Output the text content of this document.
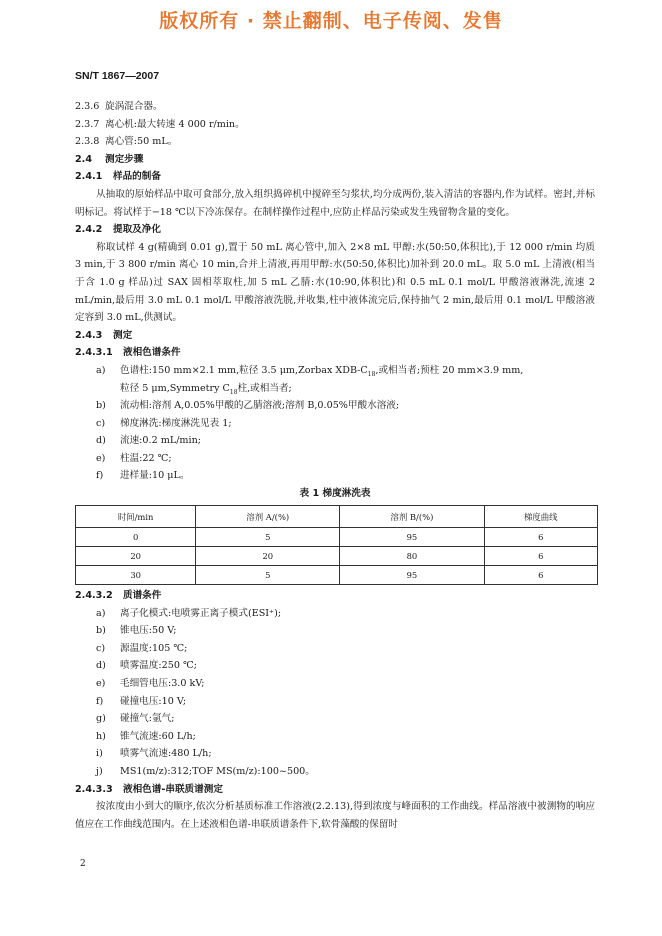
版权所有 · 禁止翻制、电子传阅、发售
SN/T 1867—2007
2.3.6 旋涡混合器。
2.3.7 离心机:最大转速 4 000 r/min。
2.3.8 离心管:50 mL。
2.4 测定步骤
2.4.1 样品的制备
从抽取的原始样品中取可食部分,放入组织捣碎机中搅碎至匀浆状,均分成两份,装入清洁的容器内,作为试样。密封,并标明标记。将试样于−18 ℃以下冷冻保存。在制样操作过程中,应防止样品污染或发生残留物含量的变化。
2.4.2 提取及净化
称取试样 4 g(精确到 0.01 g),置于 50 mL 离心管中,加入 2×8 mL 甲醇:水(50:50,体积比),于 12 000 r/min 均质 3 min,于 3 800 r/min 离心 10 min,合并上清液,再用甲醇:水(50:50,体积比)加补到 20.0 mL。取 5.0 mL 上清液(相当于含 1.0 g 样品)过 SAX 固相萃取柱,加 5 mL 乙腈:水(10:90,体积比)和 0.5 mL 0.1 mol/L 甲酸溶液淋洗,流速 2 mL/min,最后用 3.0 mL 0.1 mol/L 甲酸溶液洗脱,并收集,柱中液体流完后,保持抽气 2 min,最后用 0.1 mol/L 甲酸溶液定容到 3.0 mL,供测试。
2.4.3 测定
2.4.3.1 液相色谱条件
a) 色谱柱:150 mm×2.1 mm,粒径 3.5 μm,Zorbax XDB-$C_{18}$,或相当者;预柱 20 mm×3.9 mm,
粒径 5 μm,Symmetry $C_{18}$柱,或相当者;
b) 流动相:溶剂 A,0.05%甲酸的乙腈溶液;溶剂 B,0.05%甲酸水溶液;
c) 梯度淋洗:梯度淋洗见表 1;
d) 流速:0.2 mL/min;
e) 柱温:22 ℃;
f) 进样量:10 μL。
表 1 梯度淋洗表
时间/min	溶剂 A/(%)	溶剂 B/(%)	梯度曲线
0	5	95	6
20	20	80	6
30	5	95	6
2.4.3.2 质谱条件
a) 离子化模式:电喷雾正离子模式(ESI⁺);
b) 锥电压:50 V;
c) 源温度:105 ℃;
d) 喷雾温度:250 ℃;
e) 毛细管电压:3.0 kV;
f) 碰撞电压:10 V;
g) 碰撞气:氩气;
h) 锥气流速:60 L/h;
i) 喷雾气流速:480 L/h;
j) MS1(m/z):312;TOF MS(m/z):100~500。
2.4.3.3 液相色谱-串联质谱测定
按浓度由小到大的顺序,依次分析基质标准工作溶液(2.2.13),得到浓度与峰面积的工作曲线。样品溶液中被测物的响应值应在工作曲线范围内。在上述液相色谱-串联质谱条件下,软骨藻酸的保留时
2
